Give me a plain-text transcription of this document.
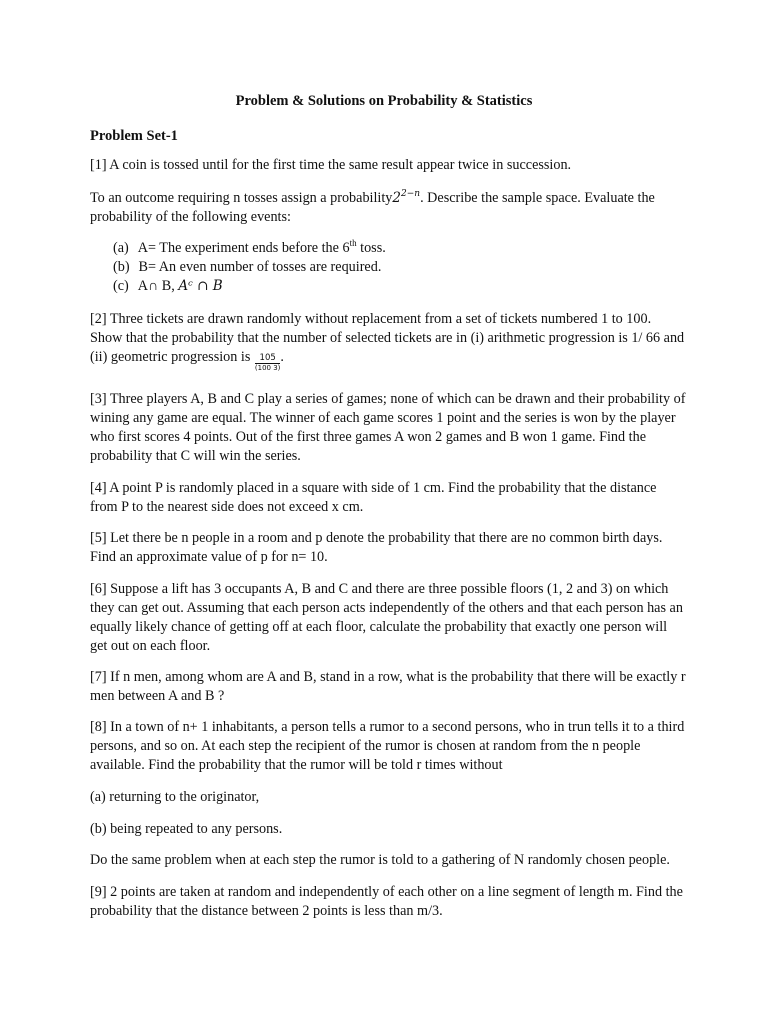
Problem & Solutions on Probability & Statistics
Problem Set-1

[1] A coin is tossed until for the first time the same result appear twice in succession.

To an outcome requiring n tosses assign a $probability2^{2-n}$. Describe the sample space. Evaluate the probability of the following events:

(a) A= The experiment ends before the 6th toss.

(b) B= An even number of tosses are required.

(c) A∩ B, Aᶜ ∩ B

[2] Three tickets are drawn randomly without replacement from a set of tickets numbered 1 to 100. Show that the probability that the number of selected tickets are in (i) arithmetic progression is 1/ 66 and (ii) geometric progression is $\frac{105}{(100 3)}$ .

[3] Three players A, B and C play a series of games; none of which can be drawn and their probability of wining any game are equal. The winner of each game scores 1 point and the series is won by the player who first scores 4 points. Out of the first three games A won 2 games and B won 1 game. Find the probability that C will win the series.

[4] A point P is randomly placed in a square with side of 1 cm. Find the probability that the distance from P to the nearest side does not exceed x cm.

[5] Let there be n people in a room and p denote the probability that there are no common birth days. Find an approximate value of p for n= 10.

[6] Suppose a lift has 3 occupants A, B and C and there are three possible floors (1, 2 and 3) on which they can get out. Assuming that each person acts independently of the others and that each person has an equally likely chance of getting off at each floor, calculate the probability that exactly one person will get out on each floor.

[7] If n men, among whom are A and B, stand in a row, what is the probability that there will be exactly r men between A and B ?

[8] In a town of n+ 1 inhabitants, a person tells a rumor to a second persons, who in trun tells it to a third persons, and so on. At each step the recipient of the rumor is chosen at random from the n people available. Find the probability that the rumor will be told r times without

(a) returning to the originator,

(b) being repeated to any persons.

Do the same problem when at each step the rumor is told to a gathering of N randomly chosen people.

[9] 2 points are taken at random and independently of each other on a line segment of length m. Find the probability that the distance between 2 points is less than m/3.
